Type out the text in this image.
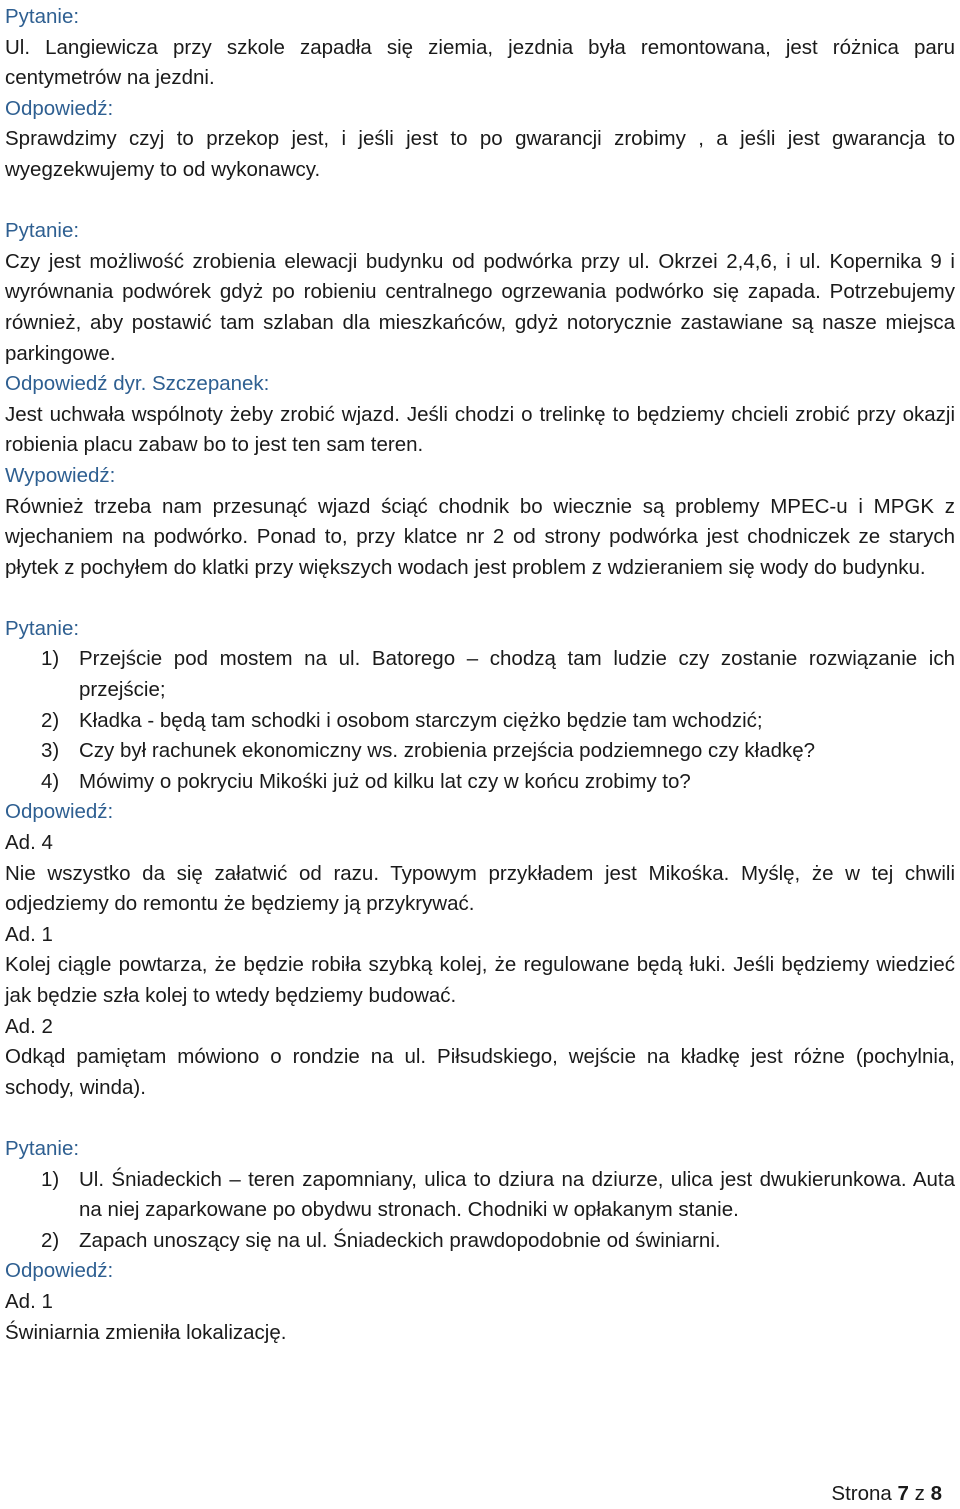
Pytanie:

Ul. Langiewicza przy szkole zapadła się ziemia, jezdnia była remontowana, jest różnica paru centymetrów na jezdni.

Odpowiedź:

Sprawdzimy czyj to przekop jest, i jeśli jest to po gwarancji zrobimy , a jeśli jest gwarancja to wyegzekwujemy to od wykonawcy.

Pytanie:

Czy jest możliwość zrobienia elewacji budynku od podwórka przy ul. Okrzei 2,4,6, i ul. Kopernika 9 i wyrównania podwórek gdyż po robieniu centralnego ogrzewania podwórko się zapada. Potrzebujemy również, aby postawić tam szlaban dla mieszkańców, gdyż notorycznie zastawiane są nasze miejsca parkingowe.

Odpowiedź dyr. Szczepanek:

Jest uchwała wspólnoty żeby zrobić wjazd. Jeśli chodzi o trelinkę to będziemy chcieli zrobić przy okazji robienia placu zabaw bo to jest ten sam teren.

Wypowiedź:

Również trzeba nam przesunąć wjazd ściąć chodnik bo wiecznie są problemy MPEC-u i MPGK z wjechaniem na podwórko. Ponad to, przy klatce nr 2 od strony podwórka jest chodniczek ze starych płytek z pochyłem do klatki przy większych wodach jest problem z wdzieraniem się wody do budynku.

Pytanie:
1) Przejście pod mostem na ul. Batorego – chodzą tam ludzie czy zostanie rozwiązanie ich przejście;
2) Kładka - będą tam schodki i osobom starczym ciężko będzie tam wchodzić;
3) Czy był rachunek ekonomiczny ws. zrobienia przejścia podziemnego czy kładkę?
4) Mówimy o pokryciu Mikośki już od kilku lat czy w końcu zrobimy to?
Odpowiedź:

Ad. 4

Nie wszystko da się załatwić od razu. Typowym przykładem jest Mikośka. Myślę, że w tej chwili odjedziemy do remontu że będziemy ją przykrywać.

Ad. 1

Kolej ciągle powtarza, że będzie robiła szybką kolej, że regulowane będą łuki. Jeśli będziemy wiedzieć jak będzie szła kolej to wtedy będziemy budować.

Ad. 2

Odkąd pamiętam mówiono o rondzie na ul. Piłsudskiego, wejście na kładkę jest różne (pochylnia, schody, winda).

Pytanie:
1) Ul. Śniadeckich – teren zapomniany, ulica to dziura na dziurze, ulica jest dwukierunkowa. Auta na niej zaparkowane po obydwu stronach. Chodniki w opłakanym stanie.
2) Zapach unoszący się na ul. Śniadeckich prawdopodobnie od świniarni.
Odpowiedź:

Ad. 1

Świniarnia zmieniła lokalizację.

Strona 7 z 8
